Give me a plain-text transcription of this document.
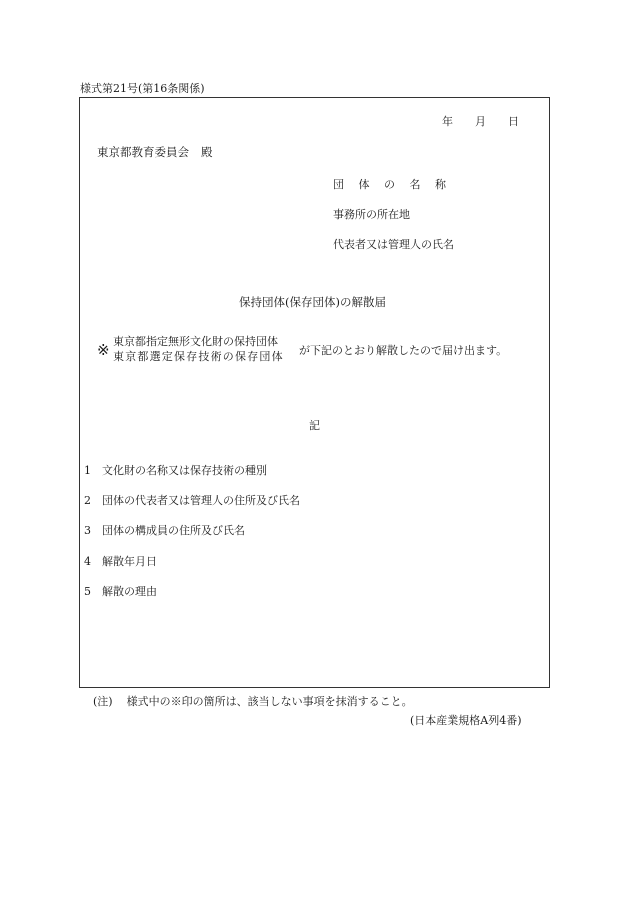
様式第21号(第16条関係)
年 月 日
東京都教育委員会 殿
団 体 の 名 称
事務所の所在地
代表者又は管理人の氏名
保持団体(保存団体)の解散届
※ 東京都指定無形文化財の保持団体
東京都選定保存技術の保存団体 が下記のとおり解散したので届け出ます。
記
1 文化財の名称又は保存技術の種別
2 団体の代表者又は管理人の住所及び氏名
3 団体の構成員の住所及び氏名
4 解散年月日
5 解散の理由
(注) 様式中の※印の箇所は、該当しない事項を抹消すること。
(日本産業規格A列4番)
